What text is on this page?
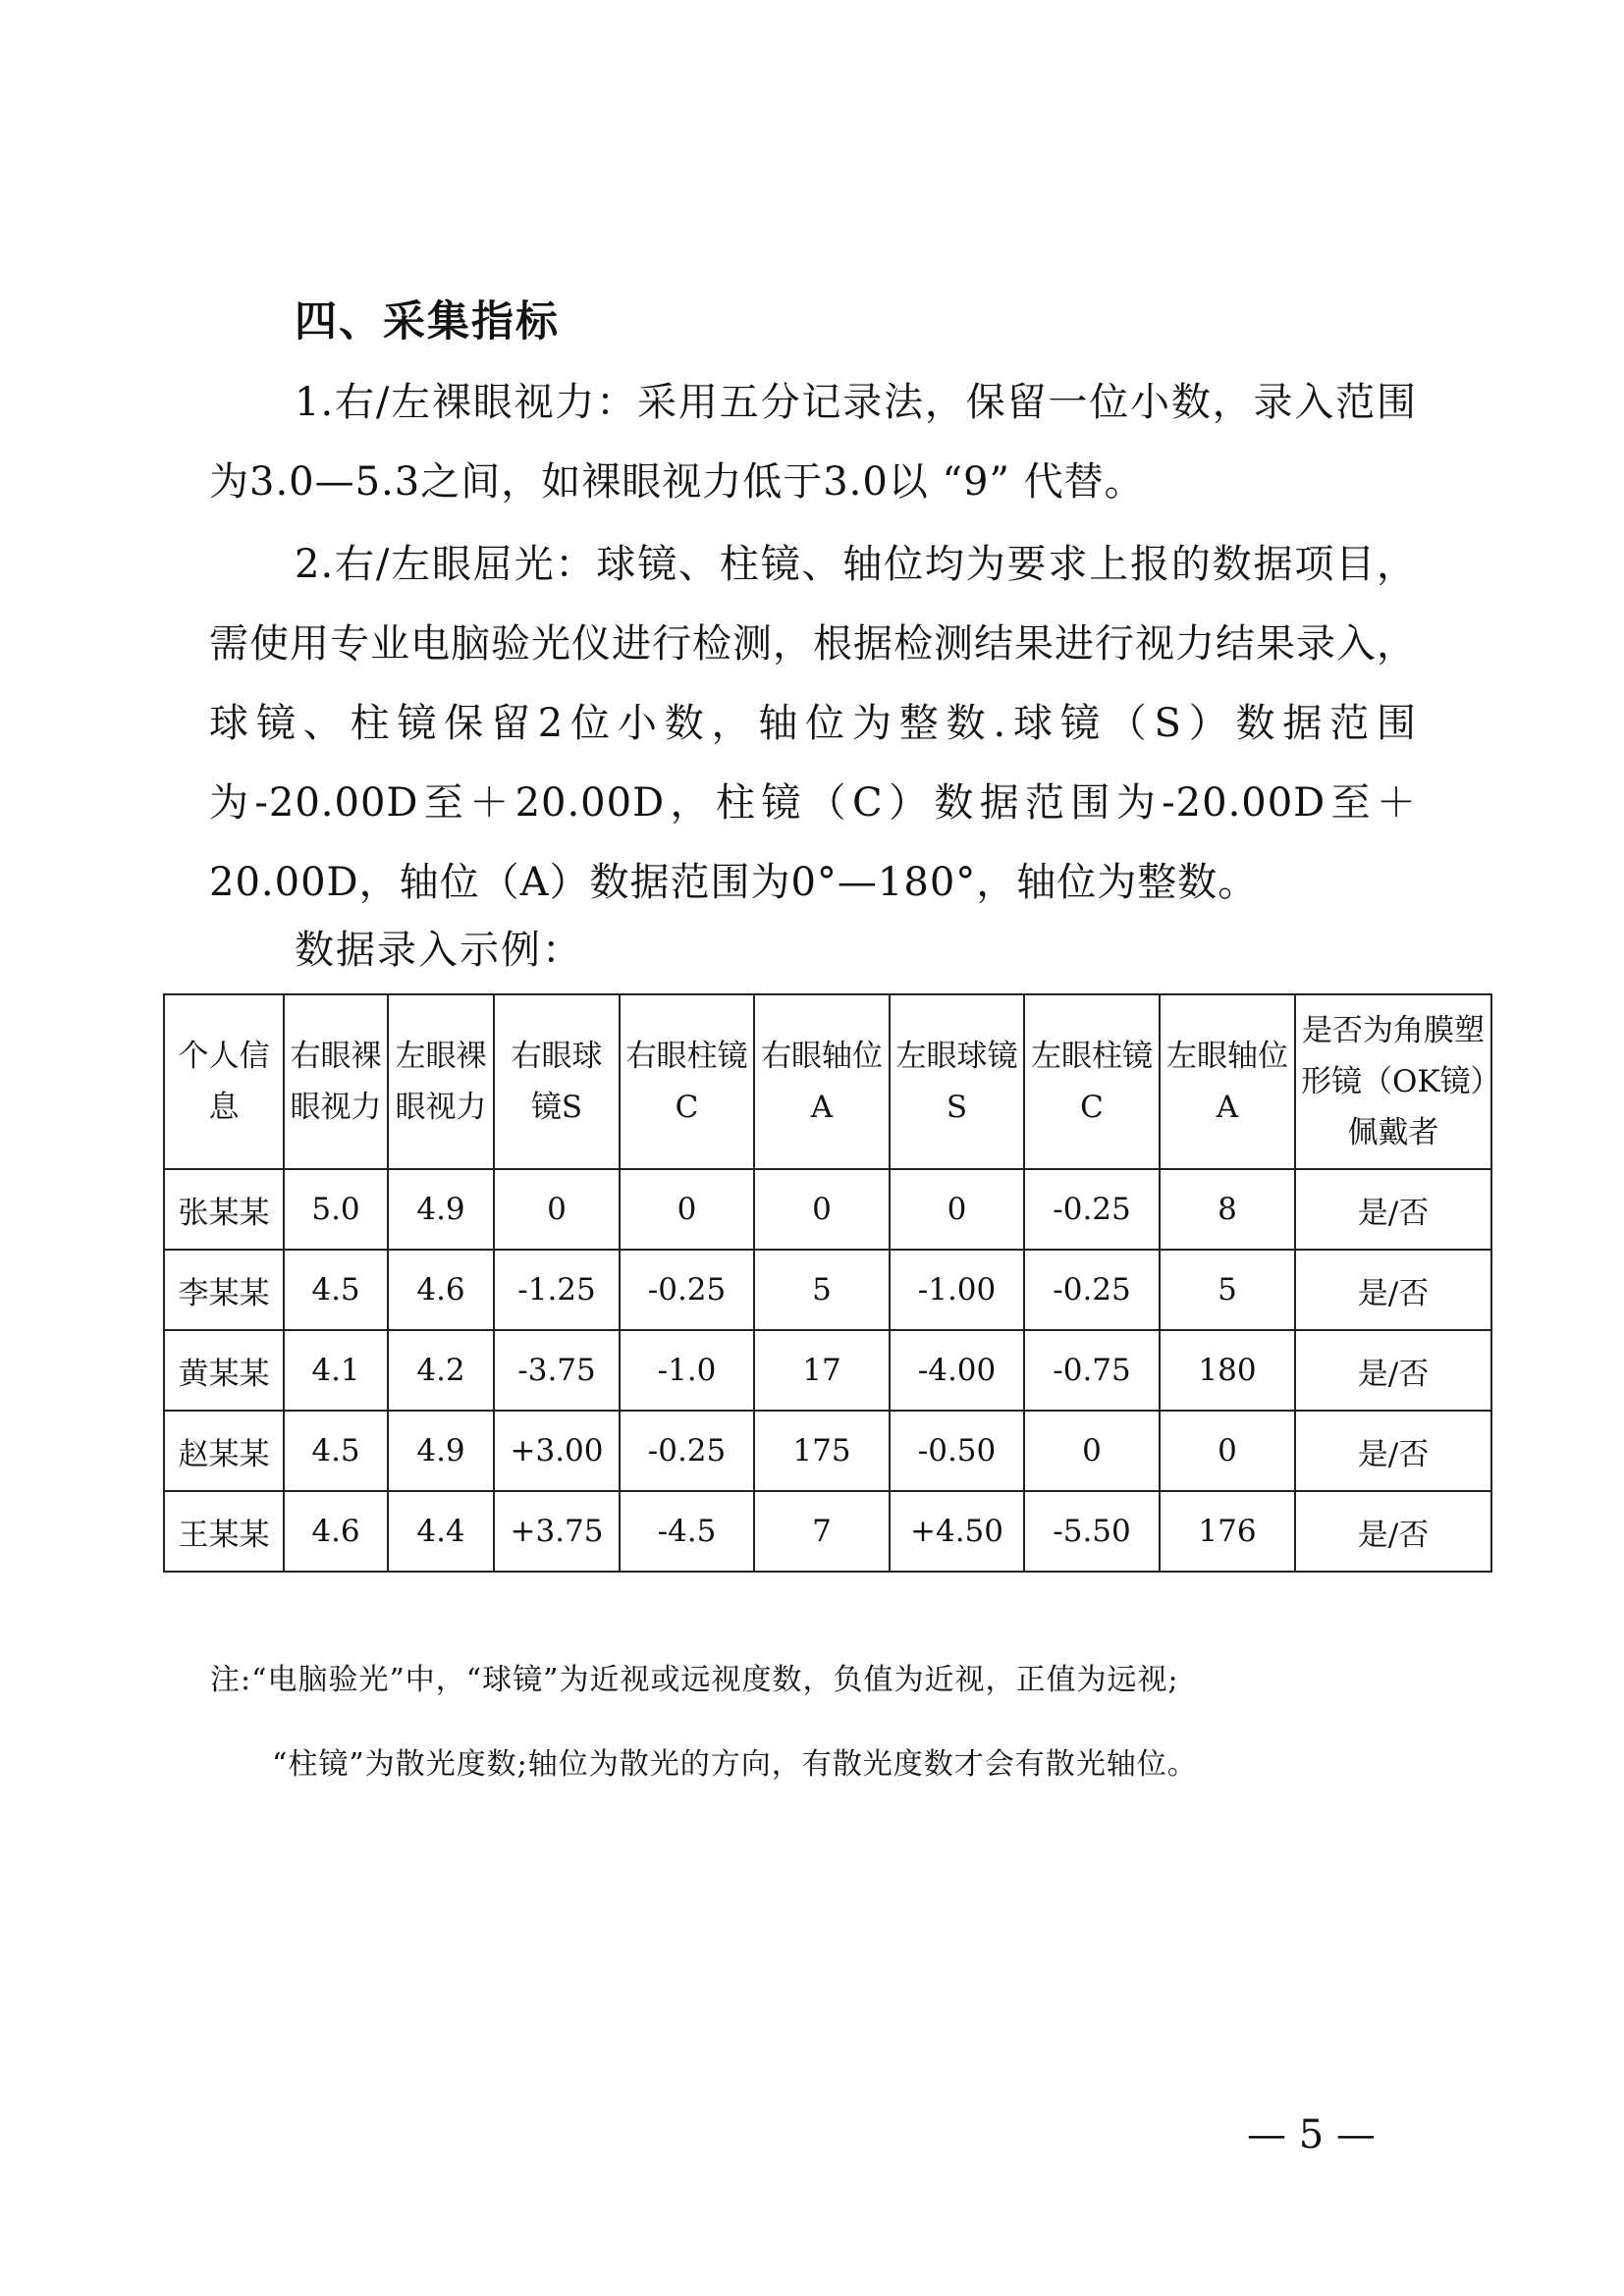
四、采集指标
1.右/左裸眼视力：采用五分记录法，保留一位小数，录入范围为3.0—5.3之间，如裸眼视力低于3.0以 “9” 代替。
2.右/左眼屈光：球镜、柱镜、轴位均为要求上报的数据项目，需使用专业电脑验光仪进行检测，根据检测结果进行视力结果录入，球镜、柱镜保留2位小数，轴位为整数.球镜（S）数据范围为-20.00D至＋20.00D，柱镜（C）数据范围为-20.00D至＋20.00D，轴位（A）数据范围为0°—180°，轴位为整数。
数据录入示例：
个人信息	右眼裸眼视力	左眼裸眼视力	右眼球镜S	右眼柱镜C	右眼轴位A	左眼球镜S	左眼柱镜C	左眼轴位A	是否为角膜塑形镜（OK镜）佩戴者
张某某	5.0	4.9	0	0	0	0	-0.25	8	是/否
李某某	4.5	4.6	-1.25	-0.25	5	-1.00	-0.25	5	是/否
黄某某	4.1	4.2	-3.75	-1.0	17	-4.00	-0.75	180	是/否
赵某某	4.5	4.9	+3.00	-0.25	175	-0.50	0	0	是/否
王某某	4.6	4.4	+3.75	-4.5	7	+4.50	-5.50	176	是/否
注:“电脑验光”中，“球镜”为近视或远视度数，负值为近视，正值为远视;
“柱镜”为散光度数;轴位为散光的方向，有散光度数才会有散光轴位。
— 5 —
